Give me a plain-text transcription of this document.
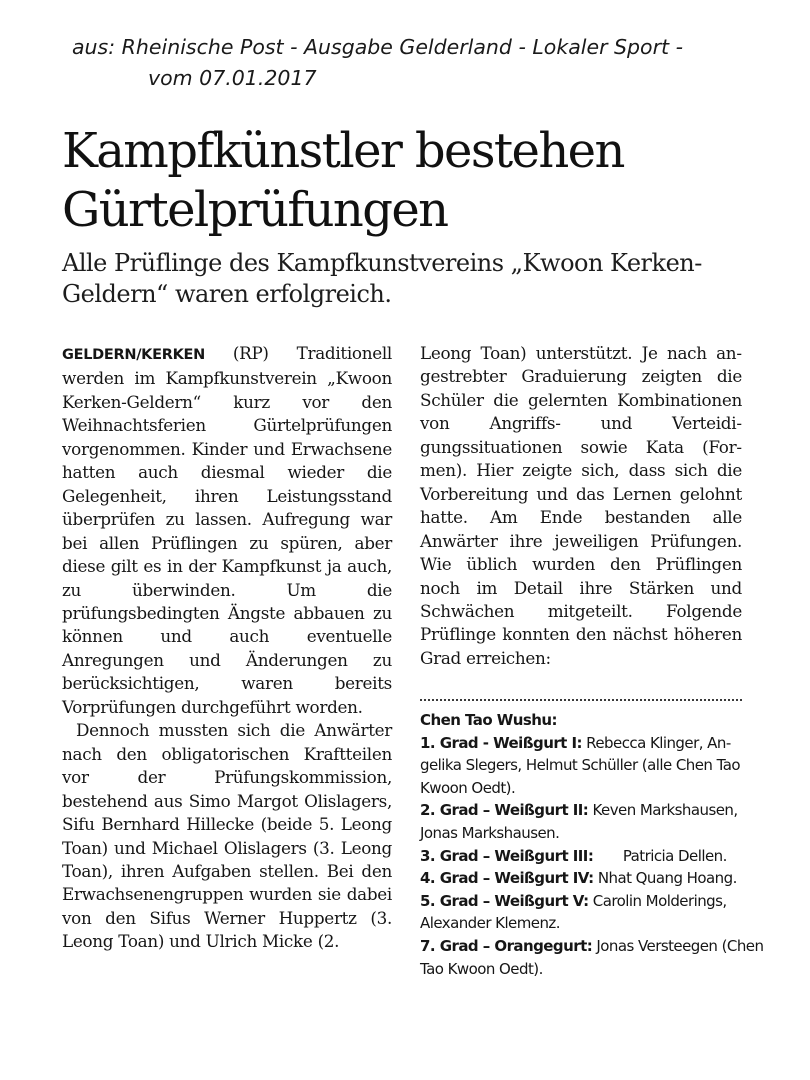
aus: Rheinische Post - Ausgabe Gelderland - Lokaler Sport -
vom 07.01.2017
Kampfkünstler bestehen Gürtelprüfungen
Alle Prüflinge des Kampfkunstvereins „Kwoon Kerken-Geldern“ waren erfolgreich.

GELDERN/KERKEN (RP) Traditionell werden im Kampfkunstverein „Kwoon Kerken-Geldern“ kurz vor den Weihnachtsferien Gürtelprüfungen vorgenommen. Kinder und Erwachsene hatten auch diesmal wieder die Gelegenheit, ihren Leistungsstand überprüfen zu lassen. Aufregung war bei allen Prüflingen zu spüren, aber diese gilt es in der Kampfkunst ja auch, zu überwinden. Um die prüfungsbedingten Ängste abbauen zu können und auch eventuelle Anregungen und Änderungen zu berücksichtigen, waren bereits Vorprüfungen durchgeführt worden.

Dennoch mussten sich die Anwärter nach den obligatorischen Kraftteilen vor der Prüfungskommission, bestehend aus Simo Margot Olislagers, Sifu Bernhard Hillecke (beide 5. Leong Toan) und Michael Olislagers (3. Leong Toan), ihren Aufgaben stellen. Bei den Erwachsenengruppen wurden sie dabei von den Sifus Werner Huppertz (3. Leong Toan) und Ulrich Micke (2.

Leong Toan) unterstützt. Je nach angestrebter Graduierung zeigten die Schüler die gelernten Kombinationen von Angriffs- und Verteidigungssituationen sowie Kata (Formen). Hier zeigte sich, dass sich die Vorbereitung und das Lernen gelohnt hatte. Am Ende bestanden alle Anwärter ihre jeweiligen Prüfungen. Wie üblich wurden den Prüflingen noch im Detail ihre Stärken und Schwächen mitgeteilt. Folgende Prüflinge konnten den nächst höheren Grad erreichen:

Chen Tao Wushu:

1. Grad - Weißgurt I: Rebecca Klinger, Angelika Slegers, Helmut Schüller (alle Chen Tao Kwoon Oedt).

2. Grad – Weißgurt II: Keven Markshausen, Jonas Markshausen.

3. Grad – Weißgurt III:       Patricia Dellen.

4. Grad – Weißgurt IV: Nhat Quang Hoang.

5. Grad – Weißgurt V: Carolin Molderings, Alexander Klemenz.

7. Grad – Orangegurt: Jonas Versteegen (Chen Tao Kwoon Oedt).
